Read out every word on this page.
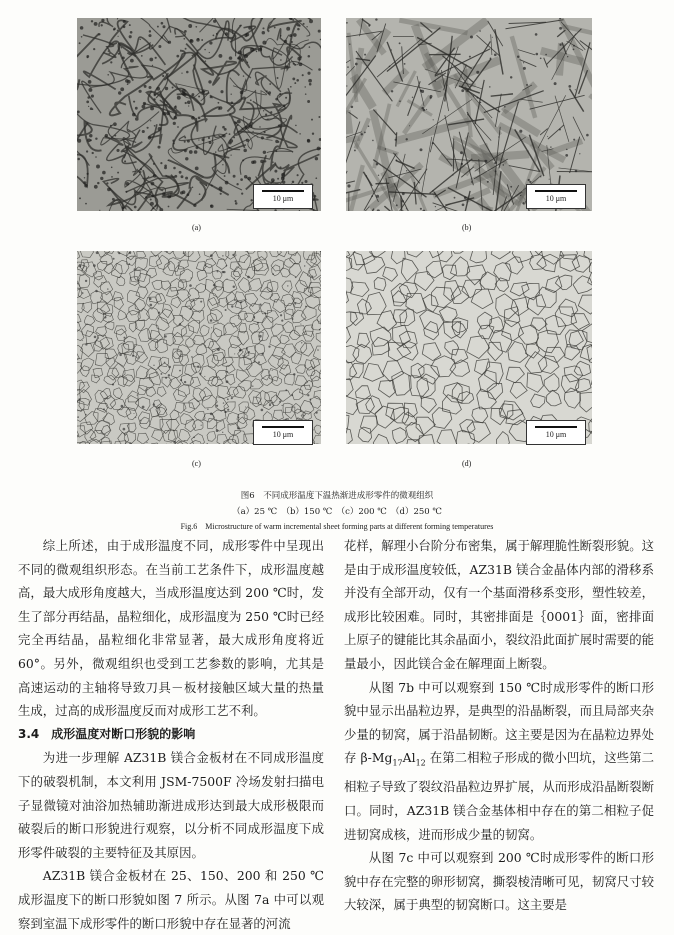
10 μm
(a)
10 μm
(b)
10 μm
(c)
10 μm
(d)
图6　不同成形温度下温热渐进成形零件的微观组织
（a）25 ℃　（b）150 ℃　（c）200 ℃　（d）250 ℃
Fig.6　Microstructure of warm incremental sheet forming parts at different forming temperatures

综上所述，由于成形温度不同，成形零件中呈现出不同的微观组织形态。在当前工艺条件下，成形温度越高，最大成形角度越大，当成形温度达到 200 ℃时，发生了部分再结晶，晶粒细化，成形温度为 250 ℃时已经完全再结晶，晶粒细化非常显著，最大成形角度将近 60°。另外，微观组织也受到工艺参数的影响，尤其是高速运动的主轴将导致刀具－板材接触区域大量的热量生成，过高的成形温度反而对成形工艺不利。

3.4　成形温度对断口形貌的影响

为进一步理解 AZ31B 镁合金板材在不同成形温度下的破裂机制，本文利用 JSM-7500F 冷场发射扫描电子显微镜对油浴加热辅助渐进成形达到最大成形极限而破裂后的断口形貌进行观察，以分析不同成形温度下成形零件破裂的主要特征及其原因。

AZ31B 镁合金板材在 25、150、200 和 250 ℃成形温度下的断口形貌如图 7 所示。从图 7a 中可以观察到室温下成形零件的断口形貌中存在显著的河流

花样，解理小台阶分布密集，属于解理脆性断裂形貌。这是由于成形温度较低，AZ31B 镁合金晶体内部的滑移系并没有全部开动，仅有一个基面滑移系变形，塑性较差，成形比较困难。同时，其密排面是｛0001｝面，密排面上原子的键能比其余晶面小，裂纹沿此面扩展时需要的能量最小，因此镁合金在解理面上断裂。

从图 7b 中可以观察到 150 ℃时成形零件的断口形貌中显示出晶粒边界，是典型的沿晶断裂，而且局部夹杂少量的韧窝，属于沿晶韧断。这主要是因为在晶粒边界处存 $\beta-Mg_{17}Al_{12}$ 在第二相粒子形成的微小凹坑，这些第二相粒子导致了裂纹沿晶粒边界扩展，从而形成沿晶断裂断口。同时，AZ31B 镁合金基体相中存在的第二相粒子促进韧窝成核，进而形成少量的韧窝。

从图 7c 中可以观察到 200 ℃时成形零件的断口形貌中存在完整的卵形韧窝，撕裂棱清晰可见，韧窝尺寸较大较深，属于典型的韧窝断口。这主要是
